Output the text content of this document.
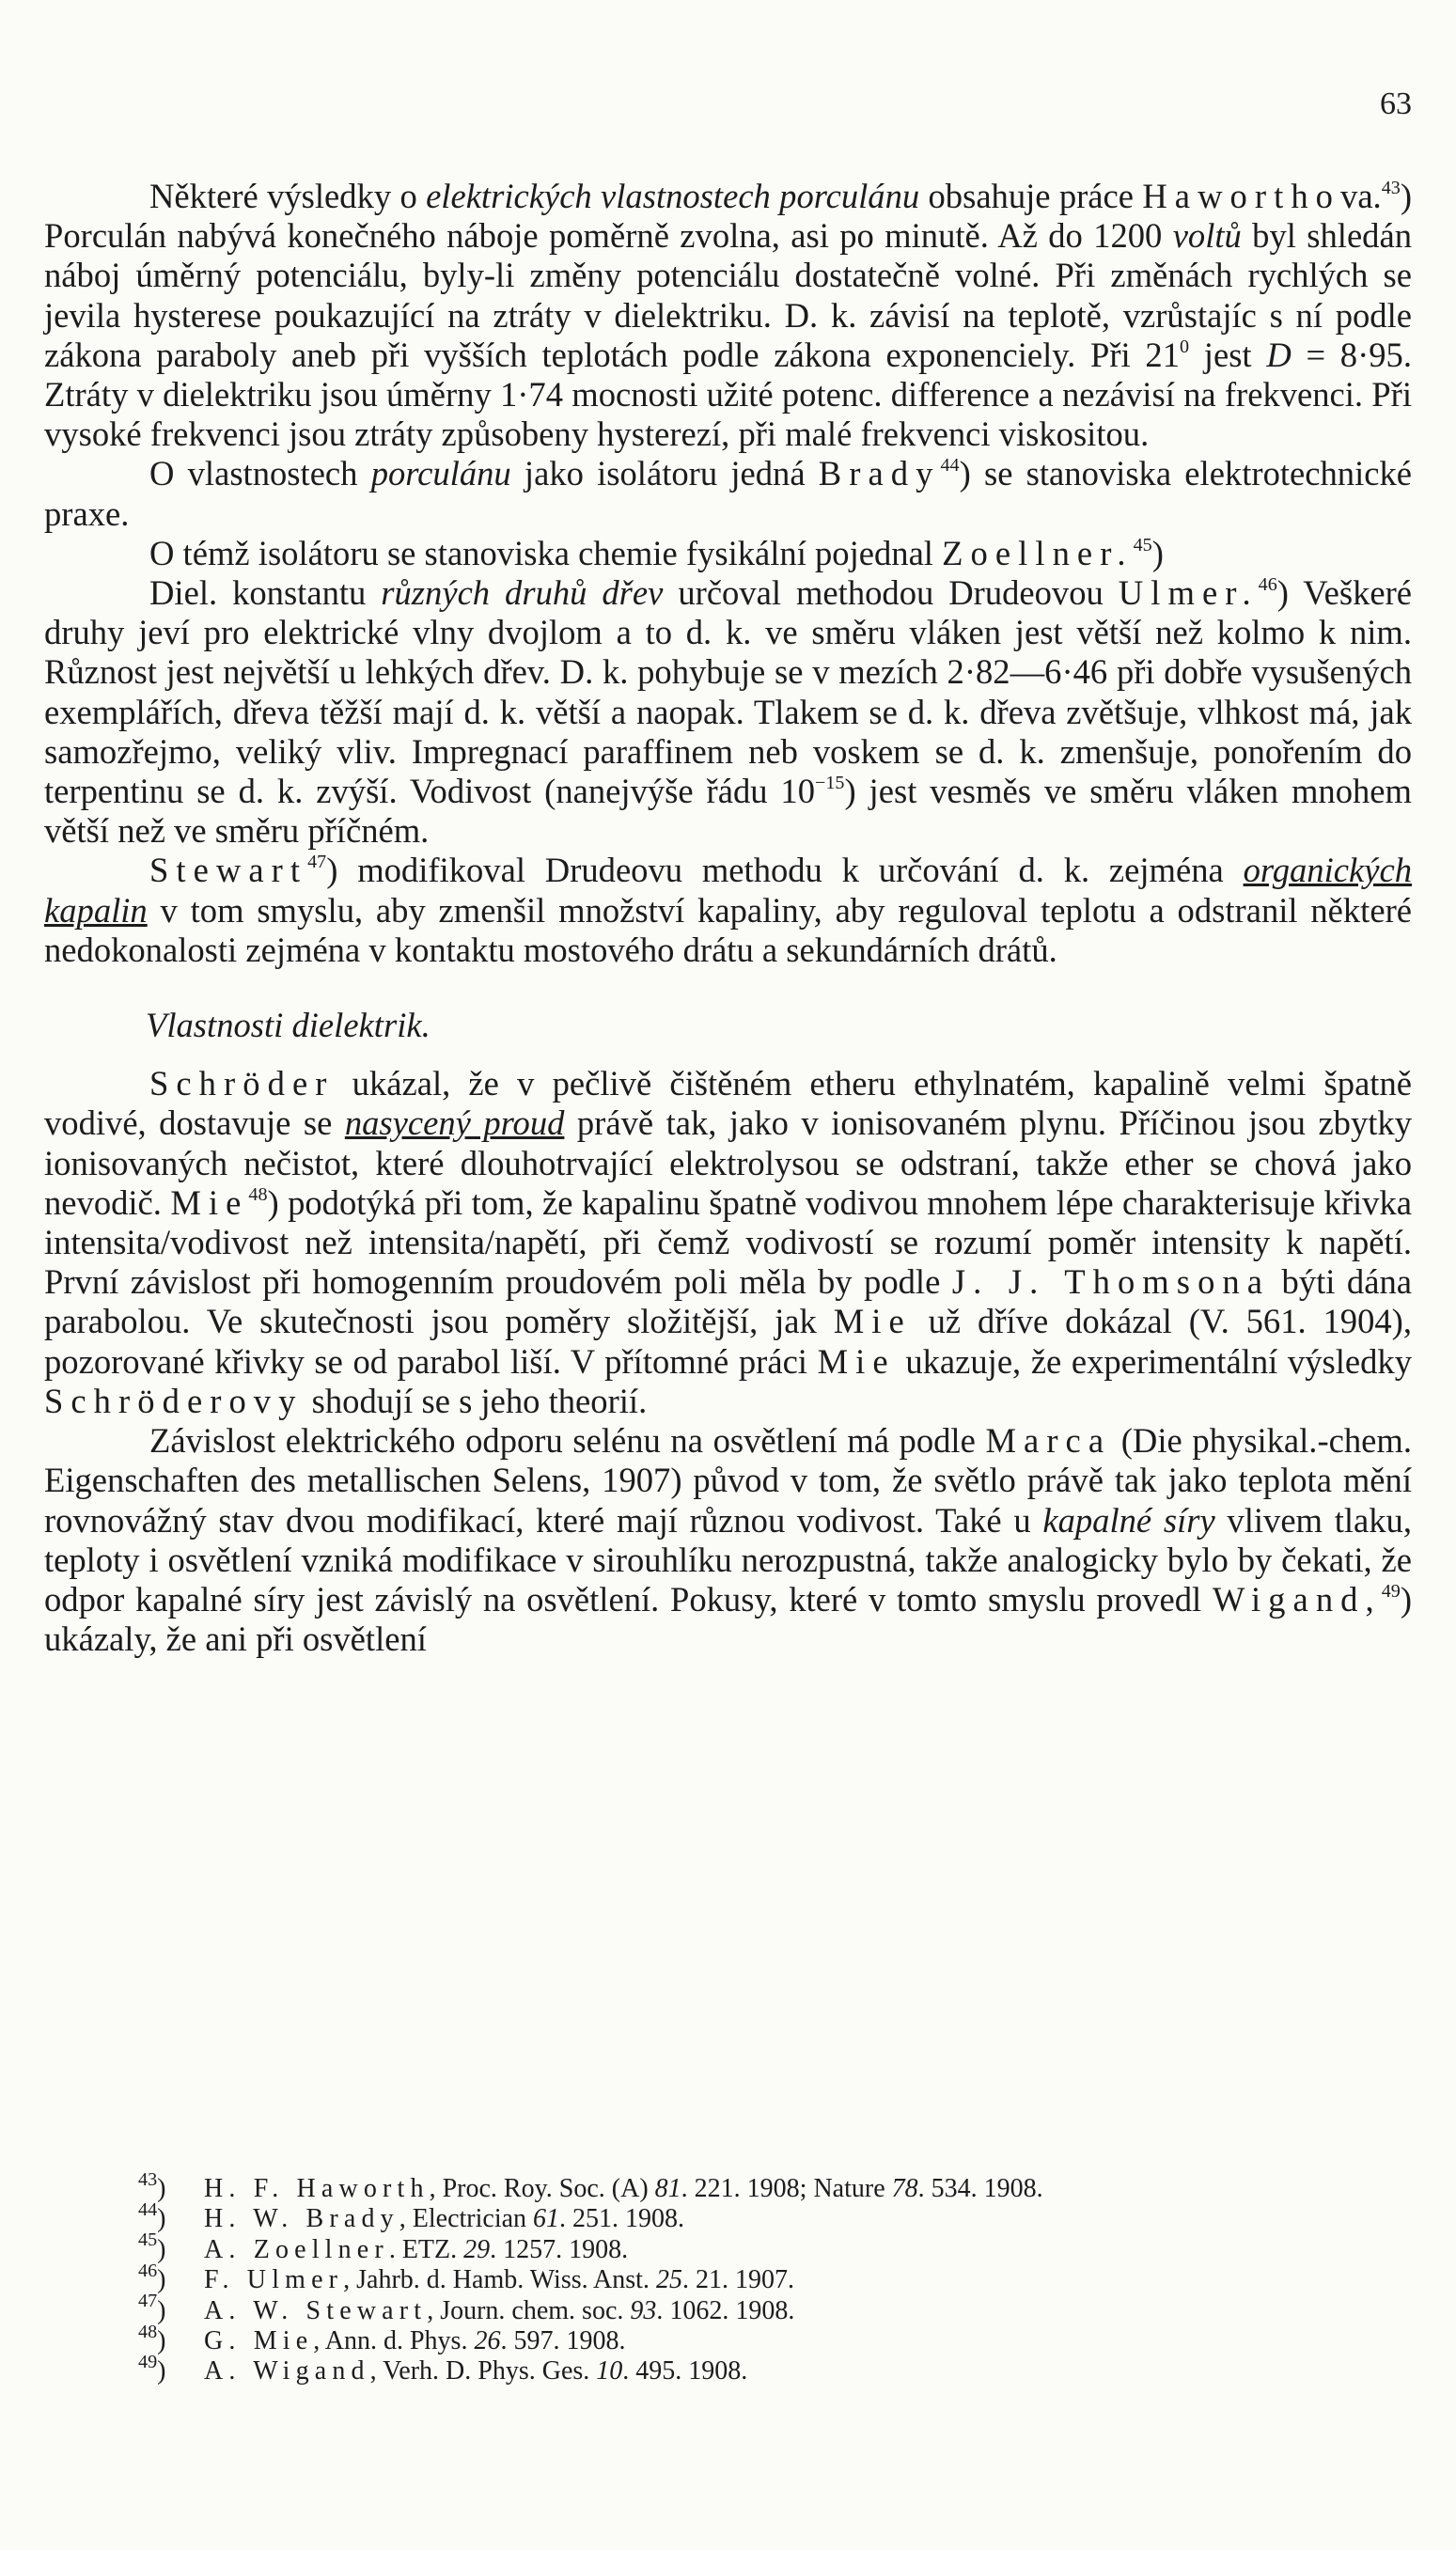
63

Některé výsledky o elektrických vlastnostech porculánu obsahuje práce Haworthova.$^{43}$) Porculán nabývá konečného náboje poměrně zvolna, asi po minutě. Až do 1200 voltů byl shledán náboj úměrný potenciálu, byly-li změny potenciálu dostatečně volné. Při změnách rychlých se jevila hysterese poukazující na ztráty v dielektriku. D. k. závisí na teplotě, vzrůstajíc s ní podle zákona paraboly aneb při vyšších teplotách podle zákona exponenciely. Při $21^0$ jest D = 8·95. Ztráty v dielektriku jsou úměrny 1·74 mocnosti užité potenc. difference a nezávisí na frekvenci. Při vysoké frekvenci jsou ztráty způsobeny hysterezí, při malé frekvenci viskositou.

O vlastnostech porculánu jako isolátoru jedná Brady$^{44}$) se stanoviska elektrotechnické praxe.

O témž isolátoru se stanoviska chemie fysikální pojednal Zoellner.$^{45}$)

Diel. konstantu různých druhů dřev určoval methodou Drudeovou Ulmer.$^{46}$) Veškeré druhy jeví pro elektrické vlny dvojlom a to d. k. ve směru vláken jest větší než kolmo k nim. Různost jest největší u lehkých dřev. D. k. pohybuje se v mezích 2·82—6·46 při dobře vysušených exemplářích, dřeva těžší mají d. k. větší a naopak. Tlakem se d. k. dřeva zvětšuje, vlhkost má, jak samozřejmo, veliký vliv. Impregnací paraffinem neb voskem se d. k. zmenšuje, ponořením do terpentinu se d. k. zvýší. Vodivost (nanejvýše řádu $10^{-15}$) jest vesměs ve směru vláken mnohem větší než ve směru příčném.

Stewart$^{47}$) modifikoval Drudeovu methodu k určování d. k. zejména organických kapalin v tom smyslu, aby zmenšil množství kapaliny, aby reguloval teplotu a odstranil některé nedokonalosti zejména v kontaktu mostového drátu a sekundárních drátů.

Vlastnosti dielektrik.

Schröder ukázal, že v pečlivě čištěném etheru ethylnatém, kapalině velmi špatně vodivé, dostavuje se nasycený proud právě tak, jako v ionisovaném plynu. Příčinou jsou zbytky ionisovaných nečistot, které dlouhotrvající elektrolysou se odstraní, takže ether se chová jako nevodič. Mie$^{48}$) podotýká při tom, že kapalinu špatně vodivou mnohem lépe charakterisuje křivka intensita/vodivost než intensita/napětí, při čemž vodivostí se rozumí poměr intensity k napětí. První závislost při homogenním proudovém poli měla by podle J. J. Thomsona býti dána parabolou. Ve skutečnosti jsou poměry složitější, jak Mie už dříve dokázal (V. 561. 1904), pozorované křivky se od parabol liší. V přítomné práci Mie ukazuje, že experimentální výsledky Schröderovy shodují se s jeho theorií.

Závislost elektrického odporu selénu na osvětlení má podle Marca (Die physikal.-chem. Eigenschaften des metallischen Selens, 1907) původ v tom, že světlo právě tak jako teplota mění rovnovážný stav dvou modifikací, které mají různou vodivost. Také u kapalné síry vlivem tlaku, teploty i osvětlení vzniká modifikace v sirouhlíku nerozpustná, takže analogicky bylo by čekati, že odpor kapalné síry jest závislý na osvětlení. Pokusy, které v tomto smyslu provedl Wigand,$^{49}$) ukázaly, že ani při osvětlení

$^{43}$)	H. F. Haworth, Proc. Roy. Soc. (A) 81. 221. 1908; Nature 78. 534. 1908.
$^{44}$)	H. W. Brady, Electrician 61. 251. 1908.
$^{45}$)	A. Zoellner. ETZ. 29. 1257. 1908.
$^{46}$)	F. Ulmer, Jahrb. d. Hamb. Wiss. Anst. 25. 21. 1907.
$^{47}$)	A. W. Stewart, Journ. chem. soc. 93. 1062. 1908.
$^{48}$)	G. Mie, Ann. d. Phys. 26. 597. 1908.
$^{49}$)	A. Wigand, Verh. D. Phys. Ges. 10. 495. 1908.
